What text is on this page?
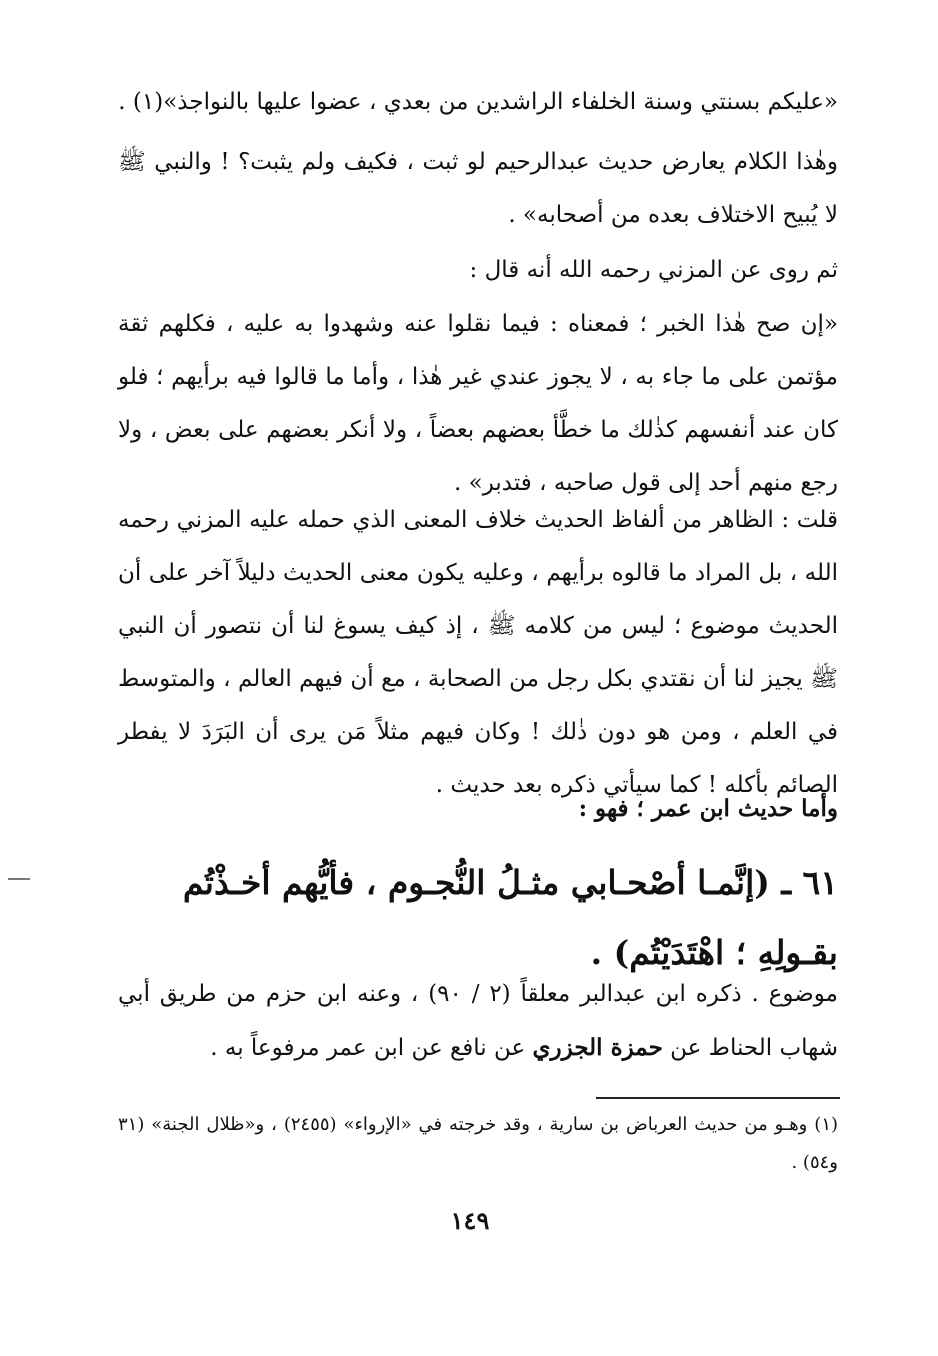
«عليكم بسنتي وسنة الخلفاء الراشدين من بعدي ، عضوا عليها بالنواجذ»(١) .

وهٰذا الكلام يعارض حديث عبدالرحيم لو ثبت ، فكيف ولم يثبت؟ ! والنبي ﷺ لا يُبيح الاختلاف بعده من أصحابه» .

ثم روى عن المزني رحمه الله أنه قال :

«إن صح هٰذا الخبر ؛ فمعناه : فيما نقلوا عنه وشهدوا به عليه ، فكلهم ثقة مؤتمن على ما جاء به ، لا يجوز عندي غير هٰذا ، وأما ما قالوا فيه برأيهم ؛ فلو كان عند أنفسهم كذٰلك ما خطَّأ بعضهم بعضاً ، ولا أنكر بعضهم على بعض ، ولا رجع منهم أحد إلى قول صاحبه ، فتدبر» .

قلت : الظاهر من ألفاظ الحديث خلاف المعنى الذي حمله عليه المزني رحمه الله ، بل المراد ما قالوه برأيهم ، وعليه يكون معنى الحديث دليلاً آخر على أن الحديث موضوع ؛ ليس من كلامه ﷺ ، إذ كيف يسوغ لنا أن نتصور أن النبي ﷺ يجيز لنا أن نقتدي بكل رجل من الصحابة ، مع أن فيهم العالم ، والمتوسط في العلم ، ومن هو دون ذٰلك ! وكان فيهم مثلاً مَن يرى أن البَرَدَ لا يفطر الصائم بأكله ! كما سيأتي ذكره بعد حديث .

وأما حديث ابن عمر ؛ فهو :

٦١ ـ (إنَّمـا أصْحـابي مثـلُ النُّجـوم ، فأيُّهم أخـذْتُم بقـولِهِ ؛ اهْتَدَيْتُم) .

موضوع . ذكره ابن عبدالبر معلقاً (٢ / ٩٠) ، وعنه ابن حزم من طريق أبي شهاب الحناط عن حمزة الجزري عن نافع عن ابن عمر مرفوعاً به .

(١) وهـو من حديث العرباض بن سارية ، وقد خرجته في «الإرواء» (٢٤٥٥) ، و«ظلال الجنة» (٣١ و٥٤) .

١٤٩
